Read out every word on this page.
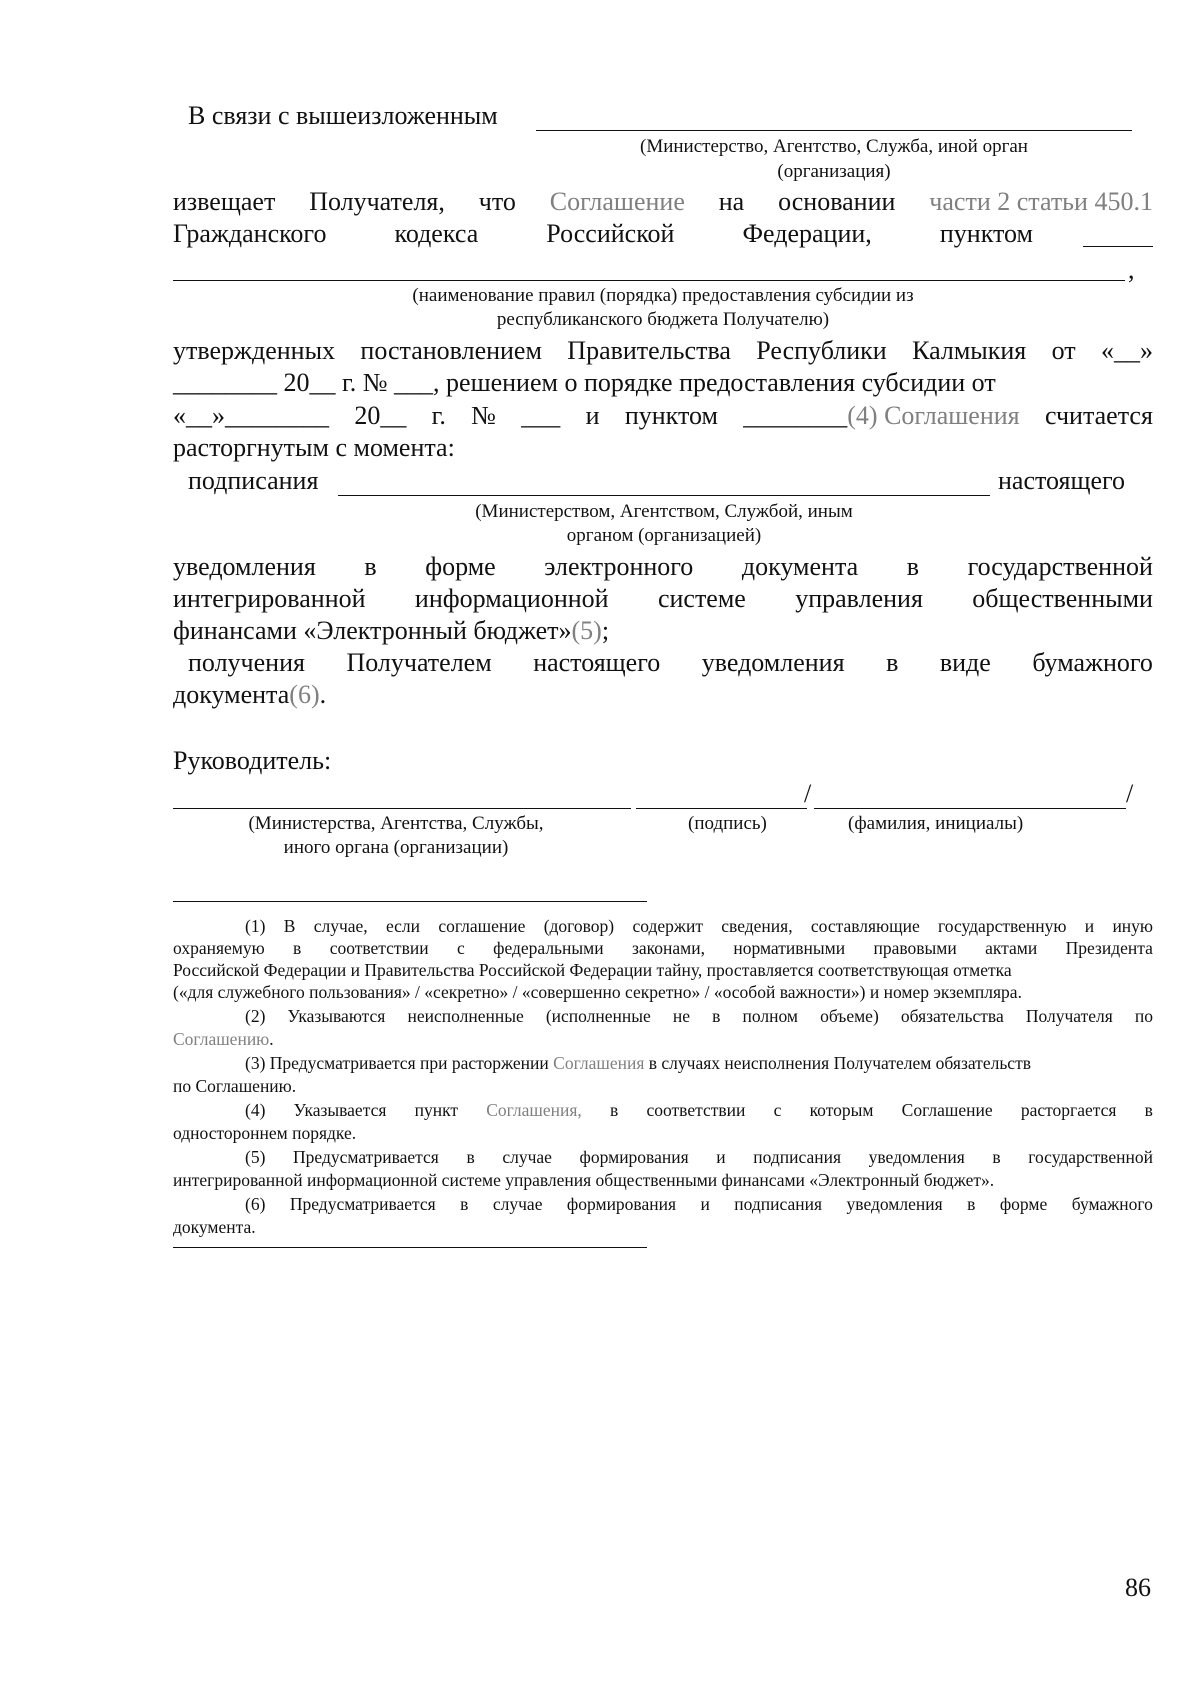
В связи с вышеизложенным
(Министерство, Агентство, Служба, иной орган
(организация)
извещает Получателя, что Соглашение на основании части 2 статьи 450.1
Гражданского	кодекса	Российской	Федерации,	пунктом
,
(наименование правил (порядка) предоставления субсидии из
республиканского бюджета Получателю)
утвержденных постановлением Правительства Республики Калмыкия от «__»
________ 20__ г. № ___, решением о порядке предоставления субсидии от
«__»________ 20__ г. № ___ и пунктом ________(4) Соглашения считается
расторгнутым с момента:
подписания	настоящего
(Министерством, Агентством, Службой, иным
органом (организацией)
уведомления в форме электронного документа в государственной
интегрированной информационной системе управления общественными
финансами «Электронный бюджет»(5);
получения Получателем настоящего уведомления в виде бумажного
документа(6).
Руководитель:
/	/
(Министерства, Агентства, Службы,
иного органа (организации)
(подпись)	(фамилия, инициалы)
(1) В случае, если соглашение (договор) содержит сведения, составляющие государственную и иную
охраняемую в соответствии с федеральными законами, нормативными правовыми актами Президента
Российской Федерации и Правительства Российской Федерации тайну, проставляется соответствующая отметка
(«для служебного пользования» / «секретно» / «совершенно секретно» / «особой важности») и номер экземпляра.
(2) Указываются неисполненные (исполненные не в полном объеме) обязательства Получателя по
Соглашению.
(3) Предусматривается при расторжении Соглашения в случаях неисполнения Получателем обязательств
по Соглашению.
(4) Указывается пункт Соглашения, в соответствии с которым Соглашение расторгается в
одностороннем порядке.
(5) Предусматривается в случае формирования и подписания уведомления в государственной
интегрированной информационной системе управления общественными финансами «Электронный бюджет».
(6) Предусматривается в случае формирования и подписания уведомления в форме бумажного
документа.
86
